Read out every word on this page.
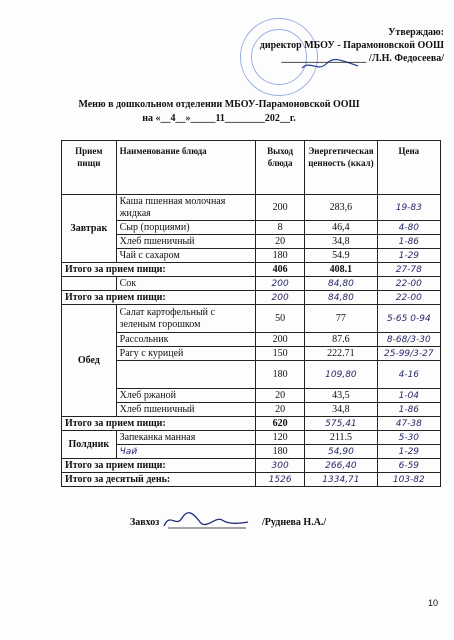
Утверждаю:
директор МБОУ - Парамоновской ООШ
_________________ /Л.Н. Федосеева/
Меню в дошкольном отделении МБОУ-Парамоновской ООШ
на «__4__»_____11________202__г.
Прием пищи	Наименование блюда	Выход блюда	Энергетическая ценность (ккал)	Цена
Завтрак	Каша пшенная молочная жидкая	200	283,6	19-83
	Сыр (порциями)	8	46,4	4-80
	Хлеб пшеничный	20	34,8	1-86
	Чай с сахаром	180	54.9	1-29
Итого за прием пищи:		406	408.1	27-78
	Сок	200	84,80	22-00
Итого за прием пищи:		200	84,80	22-00
Обед	Салат картофельный с зеленым горошком	50	77	5-65 0-94
	Рассольник	200	87.6	8-68/3-30
	Рагу с курицей	150	222.71	25-99/3-27
		180	109,80	4-16
	Хлеб ржаной	20	43,5	1-04
	Хлеб пшеничный	20	34,8	1-86
Итого за прием пищи:		620	575,41	47-38
Полдник	Запеканка манная	120	211.5	5-30
	Чай	180	54,90	1-29
Итого за прием пищи:		300	266,40	6-59
Итого за десятый день:		1526	1334,71	103-82
Завхоз	/Руднева Н.А./
10
